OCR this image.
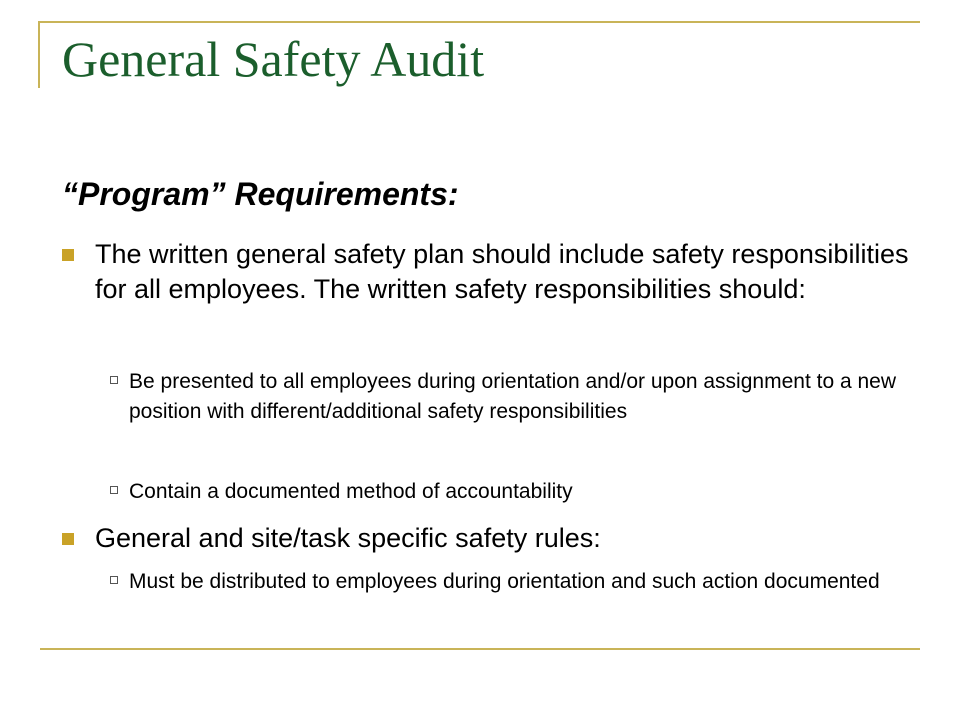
General Safety Audit
“Program” Requirements:
The written general safety plan should include safety responsibilities for all employees. The written safety responsibilities should:
Be presented to all employees during orientation and/or upon assignment to a new position with different/additional safety responsibilities
Contain a documented method of accountability
General and site/task specific safety rules:
Must be distributed to employees during orientation and such action documented
